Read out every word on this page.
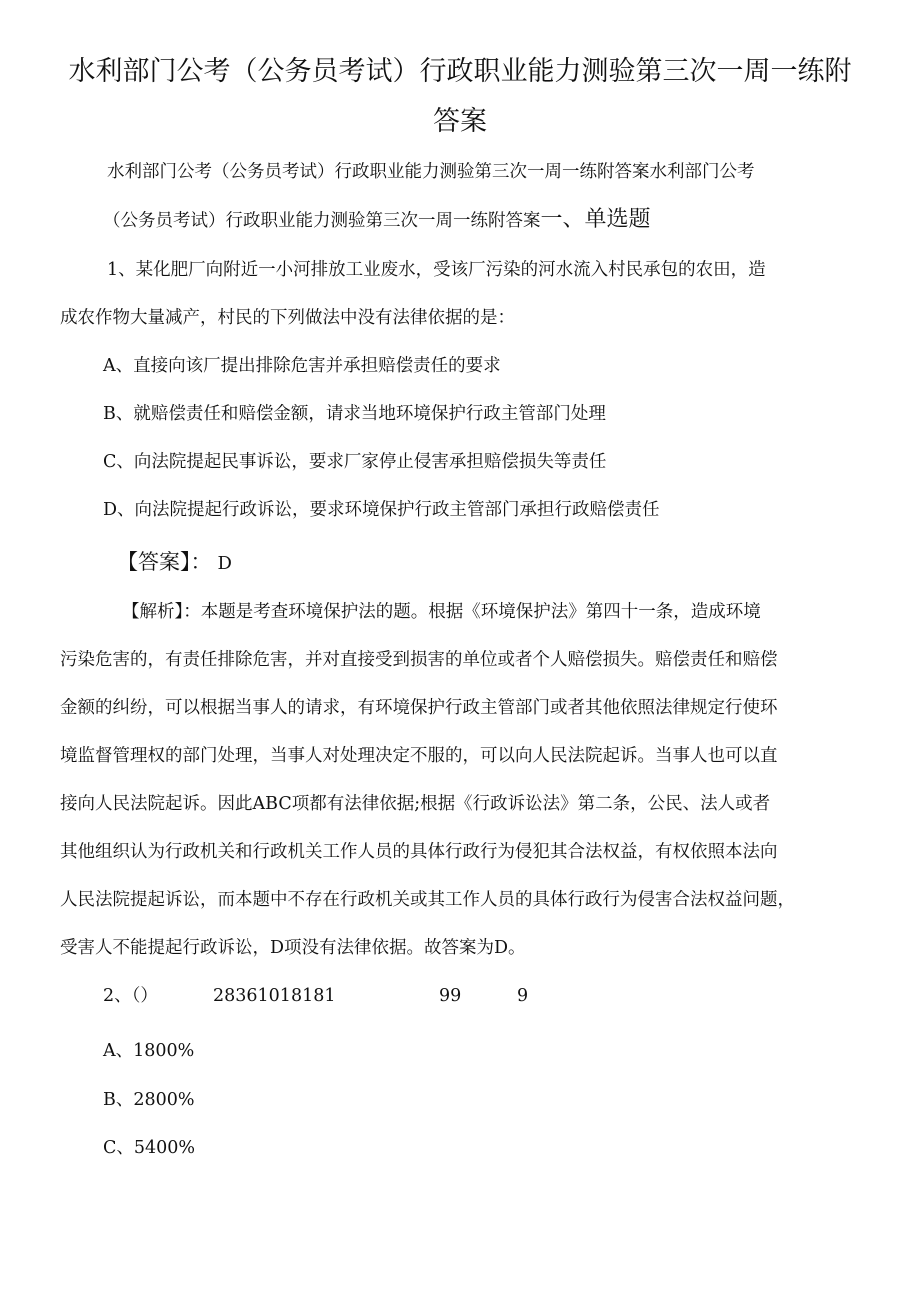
水利部门公考（公务员考试）行政职业能力测验第三次一周一练附
答案
水利部门公考（公务员考试）行政职业能力测验第三次一周一练附答案水利部门公考
（公务员考试）行政职业能力测验第三次一周一练附答案一、单选题
1、某化肥厂向附近一小河排放工业废水，受该厂污染的河水流入村民承包的农田，造
成农作物大量减产，村民的下列做法中没有法律依据的是：
A、直接向该厂提出排除危害并承担赔偿责任的要求
B、就赔偿责任和赔偿金额，请求当地环境保护行政主管部门处理
C、向法院提起民事诉讼，要求厂家停止侵害承担赔偿损失等责任
D、向法院提起行政诉讼，要求环境保护行政主管部门承担行政赔偿责任
【答案】： D
【解析】：本题是考查环境保护法的题。根据《环境保护法》第四十一条，造成环境
污染危害的，有责任排除危害，并对直接受到损害的单位或者个人赔偿损失。赔偿责任和赔偿
金额的纠纷，可以根据当事人的请求，有环境保护行政主管部门或者其他依照法律规定行使环
境监督管理权的部门处理，当事人对处理决定不服的，可以向人民法院起诉。当事人也可以直
接向人民法院起诉。因此ABC项都有法律依据;根据《行政诉讼法》第二条，公民、法人或者
其他组织认为行政机关和行政机关工作人员的具体行政行为侵犯其合法权益，有权依照本法向
人民法院提起诉讼，而本题中不存在行政机关或其工作人员的具体行政行为侵害合法权益问题，
受害人不能提起行政诉讼，D项没有法律依据。故答案为D。
2、（）	28361018181	99	9
A、1800%
B、2800%
C、5400%
